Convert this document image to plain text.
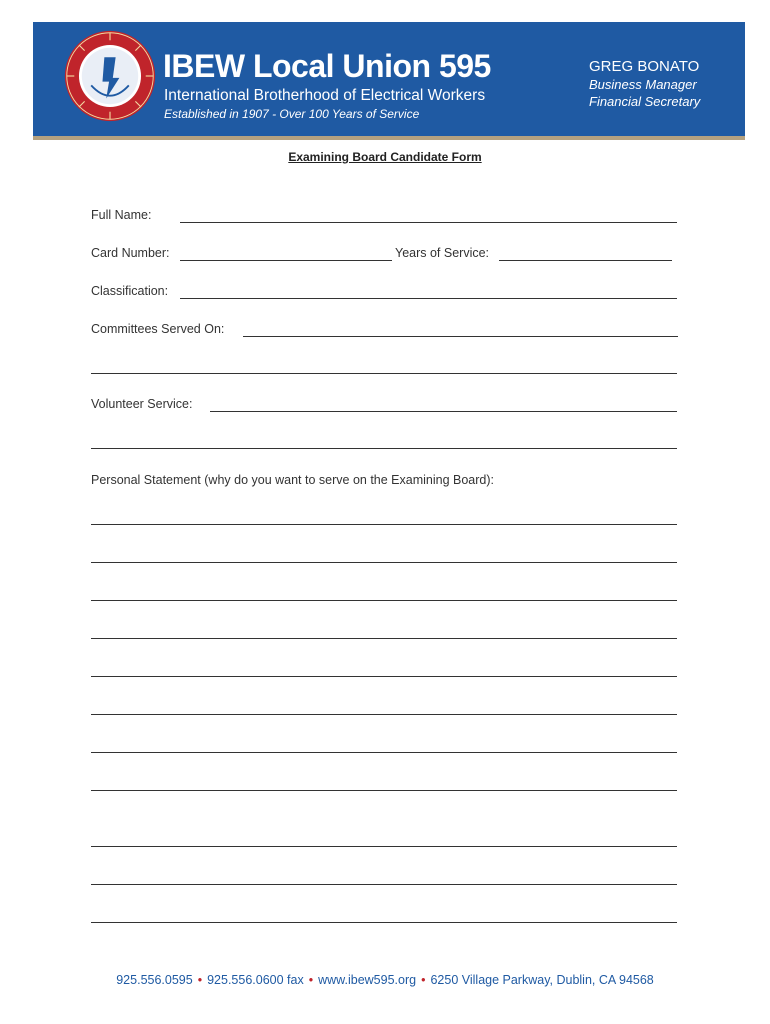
IBEW Local Union 595
International Brotherhood of Electrical Workers
Established in 1907 - Over 100 Years of Service
GREG BONATO
Business Manager
Financial Secretary
Examining Board Candidate Form
Full Name:
Card Number:	Years of Service:
Classification:
Committees Served On:
Volunteer Service:
Personal Statement (why do you want to serve on the Examining Board):
925.556.0595 • 925.556.0600 fax • www.ibew595.org • 6250 Village Parkway, Dublin, CA 94568
